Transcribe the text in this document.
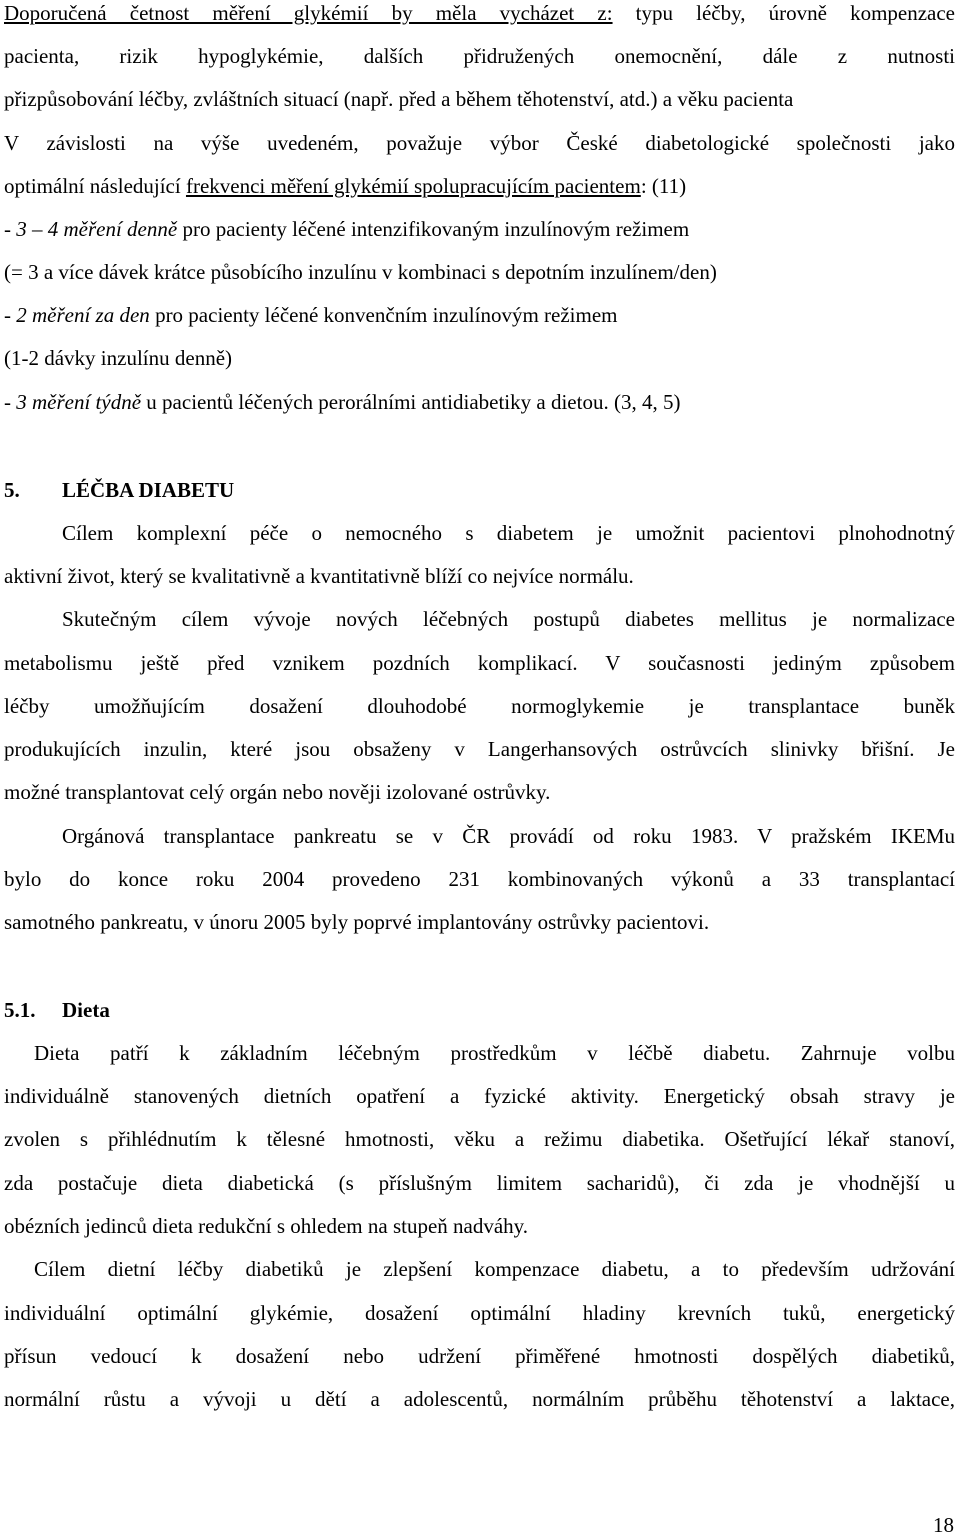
Doporučená četnost měření glykémií by měla vycházet z: typu léčby, úrovně kompenzace
pacienta, rizik hypoglykémie, dalších přidružených onemocnění, dále z nutnosti
přizpůsobování léčby, zvláštních situací (např. před a během těhotenství, atd.) a věku pacienta
V závislosti na výše uvedeném, považuje výbor České diabetologické společnosti jako
optimální následující frekvenci měření glykémií spolupracujícím pacientem: (11)
- 3 – 4 měření denně pro pacienty léčené intenzifikovaným inzulínovým režimem
(= 3 a více dávek krátce působícího inzulínu v kombinaci s depotním inzulínem/den)
- 2 měření za den pro pacienty léčené konvenčním inzulínovým režimem
(1-2 dávky inzulínu denně)
- 3 měření týdně u pacientů léčených perorálními antidiabetiky a dietou. (3, 4, 5)
5. LÉČBA DIABETU
Cílem komplexní péče o nemocného s diabetem je umožnit pacientovi plnohodnotný
aktivní život, který se kvalitativně a kvantitativně blíží co nejvíce normálu.
Skutečným cílem vývoje nových léčebných postupů diabetes mellitus je normalizace
metabolismu ještě před vznikem pozdních komplikací. V současnosti jediným způsobem
léčby umožňujícím dosažení dlouhodobé normoglykemie je transplantace buněk
produkujících inzulin, které jsou obsaženy v Langerhansových ostrůvcích slinivky břišní. Je
možné transplantovat celý orgán nebo nověji izolované ostrůvky.
Orgánová transplantace pankreatu se v ČR provádí od roku 1983. V pražském IKEMu
bylo do konce roku 2004 provedeno 231 kombinovaných výkonů a 33 transplantací
samotného pankreatu, v únoru 2005 byly poprvé implantovány ostrůvky pacientovi.
5.1. Dieta
Dieta patří k základním léčebným prostředkům v léčbě diabetu. Zahrnuje volbu
individuálně stanovených dietních opatření a fyzické aktivity. Energetický obsah stravy je
zvolen s přihlédnutím k tělesné hmotnosti, věku a režimu diabetika. Ošetřující lékař stanoví,
zda postačuje dieta diabetická (s příslušným limitem sacharidů), či zda je vhodnější u
obézních jedinců dieta redukční s ohledem na stupeň nadváhy.
Cílem dietní léčby diabetiků je zlepšení kompenzace diabetu, a to především udržování
individuální optimální glykémie, dosažení optimální hladiny krevních tuků, energetický
přísun vedoucí k dosažení nebo udržení přiměřené hmotnosti dospělých diabetiků,
normální růstu a vývoji u dětí a adolescentů, normálním průběhu těhotenství a laktace,
18
